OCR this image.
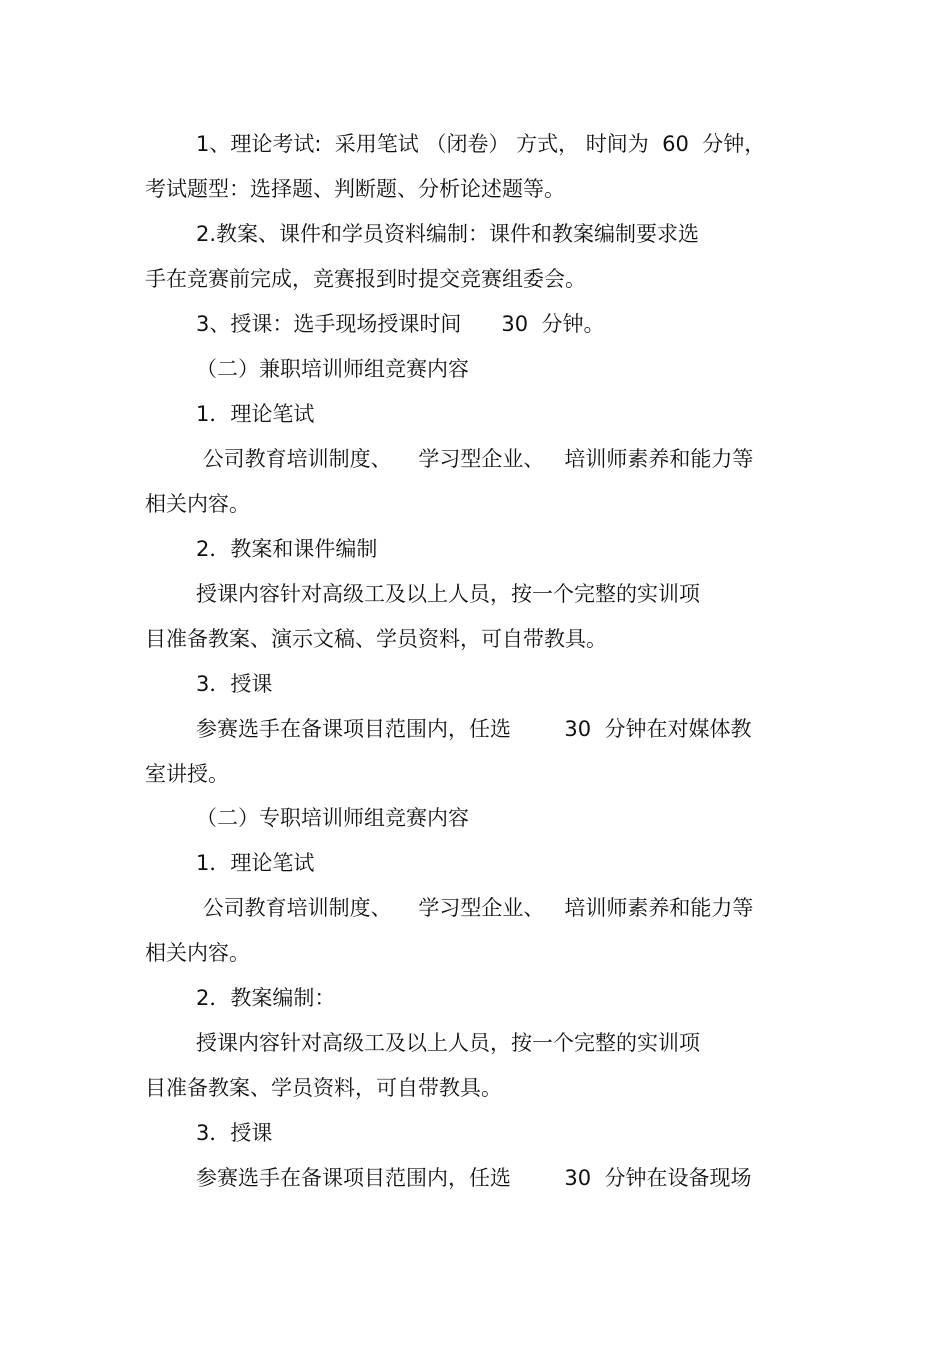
1、理论考试:  采用笔试 （闭卷） 方式， 时间为  60  分钟，
考试题型：选择题、判断题、分析论述题等。
2.教案、课件和学员资料编制：课件和教案编制要求选
手在竞赛前完成，竞赛报到时提交竞赛组委会。
3、授课：选手现场授课时间      30  分钟。
（二）兼职培训师组竞赛内容
1．理论笔试
公司教育培训制度、    学习型企业、   培训师素养和能力等
相关内容。
2．教案和课件编制
授课内容针对高级工及以上人员，按一个完整的实训项
目准备教案、演示文稿、学员资料，可自带教具。
3．授课
参赛选手在备课项目范围内，任选        30  分钟在对媒体教
室讲授。
（二）专职培训师组竞赛内容
1．理论笔试
公司教育培训制度、    学习型企业、   培训师素养和能力等
相关内容。
2．教案编制：
授课内容针对高级工及以上人员，按一个完整的实训项
目准备教案、学员资料，可自带教具。
3．授课
参赛选手在备课项目范围内，任选        30  分钟在设备现场
